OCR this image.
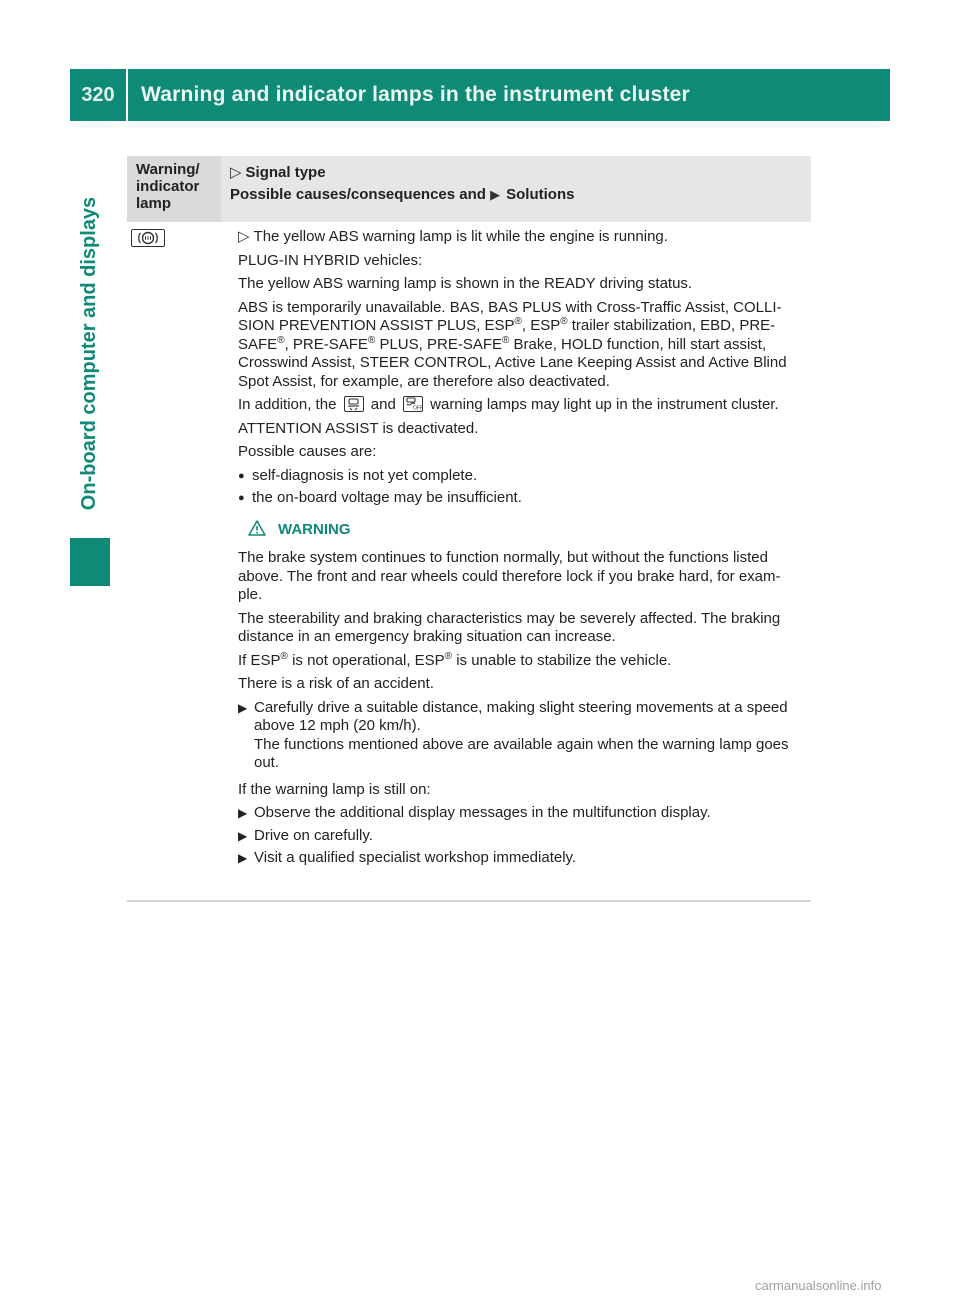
320	Warning and indicator lamps in the instrument cluster
On-board computer and displays
Warning/
indicator
lamp
▷ Signal type
Possible causes/consequences and ▶ Solutions

▷ The yellow ABS warning lamp is lit while the engine is running.

PLUG-IN HYBRID vehicles:

The yellow ABS warning lamp is shown in the READY driving status.

ABS is temporarily unavailable. BAS, BAS PLUS with Cross-Traffic Assist, COLLI-SION PREVENTION ASSIST PLUS, ESP®, ESP® trailer stabilization, EBD, PRE-SAFE®, PRE-SAFE® PLUS, PRE-SAFE® Brake, HOLD function, hill start assist, Crosswind Assist, STEER CONTROL, Active Lane Keeping Assist and Active Blind Spot Assist, for example, are therefore also deactivated.

In addition, the and	OFF warning lamps may light up in the instrument cluster.

ATTENTION ASSIST is deactivated.

Possible causes are:

● self-diagnosis is not yet complete.
● the on-board voltage may be insufficient.
WARNING

The brake system continues to function normally, but without the functions listed above. The front and rear wheels could therefore lock if you brake hard, for exam-ple.

The steerability and braking characteristics may be severely affected. The braking distance in an emergency braking situation can increase.

If ESP® is not operational, ESP® is unable to stabilize the vehicle.

There is a risk of an accident.

▶ Carefully drive a suitable distance, making slight steering movements at a speed above 12 mph (20 km/h).
The functions mentioned above are available again when the warning lamp goes out.

If the warning lamp is still on:

▶ Observe the additional display messages in the multifunction display.
▶ Drive on carefully.
▶ Visit a qualified specialist workshop immediately.
carmanualsonline.info
